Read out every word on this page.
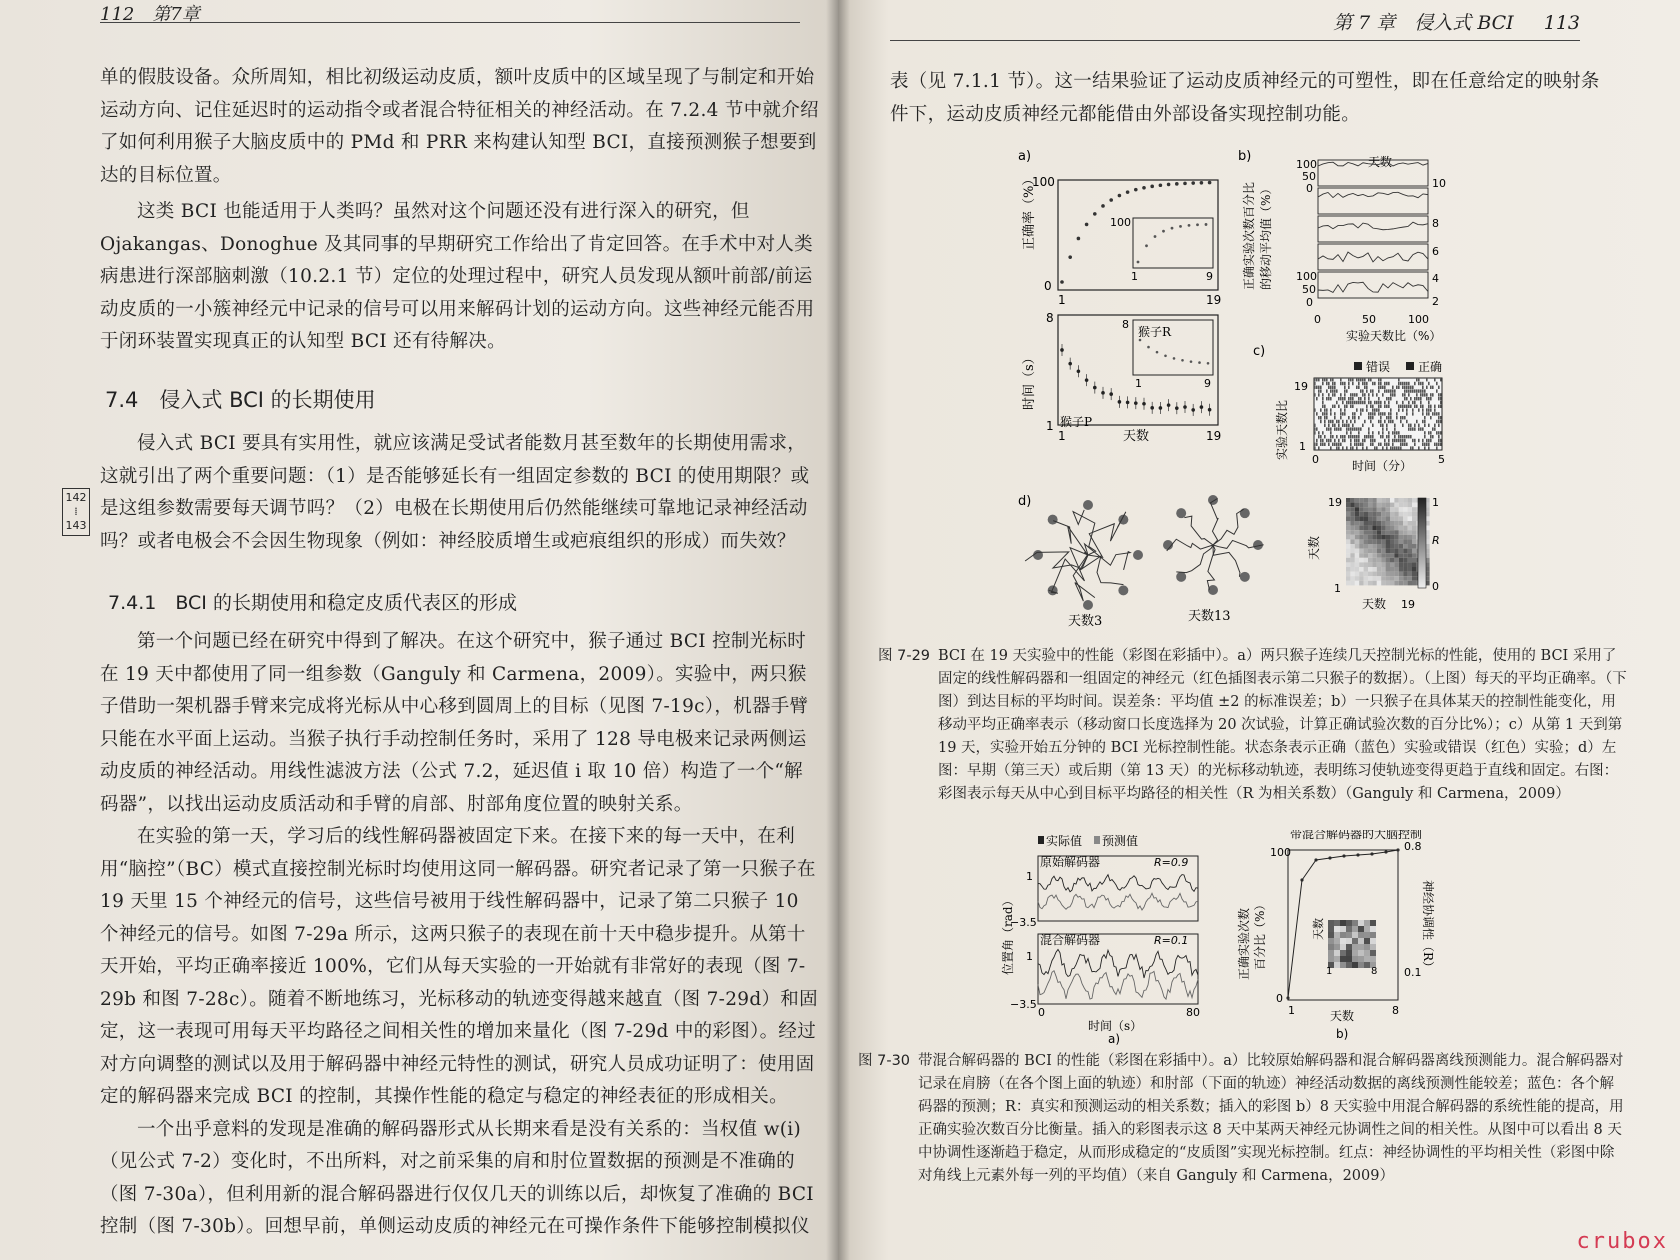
112　第7章

单的假肢设备。众所周知，相比初级运动皮质，额叶皮质中的区域呈现了与制定和开始运动方向、记住延迟时的运动指令或者混合特征相关的神经活动。在 7.2.4 节中就介绍了如何利用猴子大脑皮质中的 PMd 和 PRR 来构建认知型 BCI，直接预测猴子想要到达的目标位置。

这类 BCI 也能适用于人类吗？虽然对这个问题还没有进行深入的研究，但 Ojakangas、Donoghue 及其同事的早期研究工作给出了肯定回答。在手术中对人类病患进行深部脑刺激（10.2.1 节）定位的处理过程中，研究人员发现从额叶前部/前运动皮质的一小簇神经元中记录的信号可以用来解码计划的运动方向。这些神经元能否用于闭环装置实现真正的认知型 BCI 还有待解决。

7.4　侵入式 BCI 的长期使用

侵入式 BCI 要具有实用性，就应该满足受试者能数月甚至数年的长期使用需求，这就引出了两个重要问题：（1）是否能够延长有一组固定参数的 BCI 的使用期限？或是这组参数需要每天调节吗？（2）电极在长期使用后仍然能继续可靠地记录神经活动吗？或者电极会不会因生物现象（例如：神经胶质增生或疤痕组织的形成）而失效？

142
⁞
143
7.4.1　BCI 的长期使用和稳定皮质代表区的形成

第一个问题已经在研究中得到了解决。在这个研究中，猴子通过 BCI 控制光标时在 19 天中都使用了同一组参数（Ganguly 和 Carmena，2009）。实验中，两只猴子借助一架机器手臂来完成将光标从中心移到圆周上的目标（见图 7-19c），机器手臂只能在水平面上运动。当猴子执行手动控制任务时，采用了 128 导电极来记录两侧运动皮质的神经活动。用线性滤波方法（公式 7.2，延迟值 i 取 10 倍）构造了一个“解码器”，以找出运动皮质活动和手臂的肩部、肘部角度位置的映射关系。

在实验的第一天，学习后的线性解码器被固定下来。在接下来的每一天中，在利用“脑控”（BC）模式直接控制光标时均使用这同一解码器。研究者记录了第一只猴子在 19 天里 15 个神经元的信号，这些信号被用于线性解码器中，记录了第二只猴子 10 个神经元的信号。如图 7-29a 所示，这两只猴子的表现在前十天中稳步提升。从第十天开始，平均正确率接近 100%，它们从每天实验的一开始就有非常好的表现（图 7-29b 和图 7-28c）。随着不断地练习，光标移动的轨迹变得越来越直（图 7-29d）和固定，这一表现可用每天平均路径之间相关性的增加来量化（图 7-29d 中的彩图）。经过对方向调整的测试以及用于解码器中神经元特性的测试，研究人员成功证明了：使用固定的解码器来完成 BCI 的控制，其操作性能的稳定与稳定的神经表征的形成相关。

一个出乎意料的发现是准确的解码器形式从长期来看是没有关系的：当权值 w(i)（见公式 7-2）变化时，不出所料，对之前采集的肩和肘位置数据的预测是不准确的（图 7-30a），但利用新的混合解码器进行仅仅几天的训练以后，却恢复了准确的 BCI 控制（图 7-30b）。回想早前，单侧运动皮质的神经元在可操作条件下能够控制模拟仪

第 7 章　侵入式 BCI 113

表（见 7.1.1 节）。这一结果验证了运动皮质神经元的可塑性，即在任意给定的映射条件下，运动皮质神经元都能借由外部设备实现控制功能。

a)
正确率（%）
100
0
1	19
100
1	9
时间（s）
8
1 猴子P
1	19
天数
猴子R
8
1	9
b)
正确实验次数百分比 的移动平均值（%）
天数
100
50
0
100
50
0
10
8
6
4
2
0	50	100
实验天数比（%）
c)
错误 正确
实验天数比
19
1
0	5
时间（分）
d)
天数3	天数13
天数
19
1
天数 19
1
R
0
图 7-29 BCI 在 19 天实验中的性能（彩图在彩插中）。a）两只猴子连续几天控制光标的性能，使用的 BCI 采用了固定的线性解码器和一组固定的神经元（红色插图表示第二只猴子的数据）。（上图）每天的平均正确率。（下图）到达目标的平均时间。误差条：平均值 ±2 的标准误差；b）一只猴子在具体某天的控制性能变化，用移动平均正确率表示（移动窗口长度选择为 20 次试验，计算正确试验次数的百分比%）；c）从第 1 天到第 19 天，实验开始五分钟的 BCI 光标控制性能。状态条表示正确（蓝色）实验或错误（红色）实验；d）左图：早期（第三天）或后期（第 13 天）的光标移动轨迹，表明练习使轨迹变得更趋于直线和固定。右图：彩图表示每天从中心到目标平均路径的相关性（R 为相关系数）（Ganguly 和 Carmena，2009）
实际值 预测值
位置角（rad）
原始解码器	R=0.9
1
−3.5
混合解码器	R=0.1
1
−3.5
0	80
时间（s）
a)
带混合解码器的大脑控制
正确实验次数 百分比（%）
100
0
1	8
天数
0.8
0.1 神经协调性（R）
天数
1	8
b)
图 7-30 带混合解码器的 BCI 的性能（彩图在彩插中）。a）比较原始解码器和混合解码器离线预测能力。混合解码器对记录在肩膀（在各个图上面的轨迹）和肘部（下面的轨迹）神经活动数据的离线预测性能较差；蓝色：各个解码器的预测；R：真实和预测运动的相关系数；插入的彩图 b）8 天实验中用混合解码器的系统性能的提高，用正确实验次数百分比衡量。插入的彩图表示这 8 天中某两天神经元协调性之间的相关性。从图中可以看出 8 天中协调性逐渐趋于稳定，从而形成稳定的“皮质图”实现光标控制。红点：神经协调性的平均相关性（彩图中除对角线上元素外每一列的平均值）（来自 Ganguly 和 Carmena，2009）
crubox
